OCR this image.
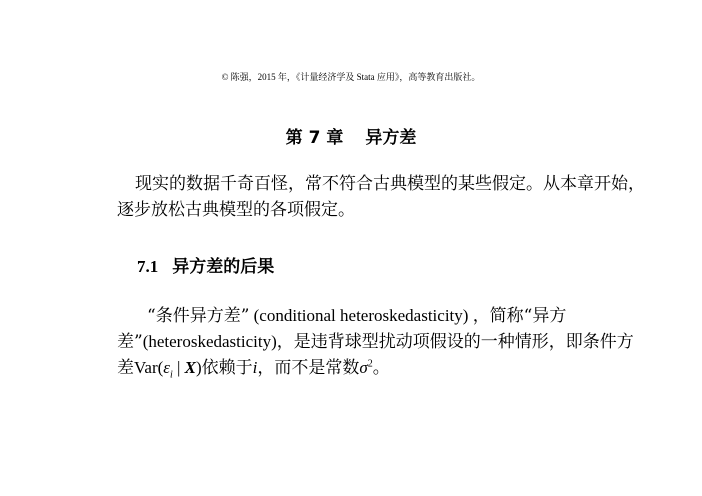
© 陈强，2015 年，《计量经济学及 Stata 应用》，高等教育出版社。
第 7 章 异方差
现实的数据千奇百怪，常不符合古典模型的某些假定。从本章开始，逐步放松古典模型的各项假定。
7.1 异方差的后果
“条件异方差” (conditional heteroskedasticity) ，简称“异方差”(heteroskedasticity)，是违背球型扰动项假设的一种情形，即条件方差$Var(\varepsilon_i$ | X)依赖于i，而不是常数$\sigma^2$。
